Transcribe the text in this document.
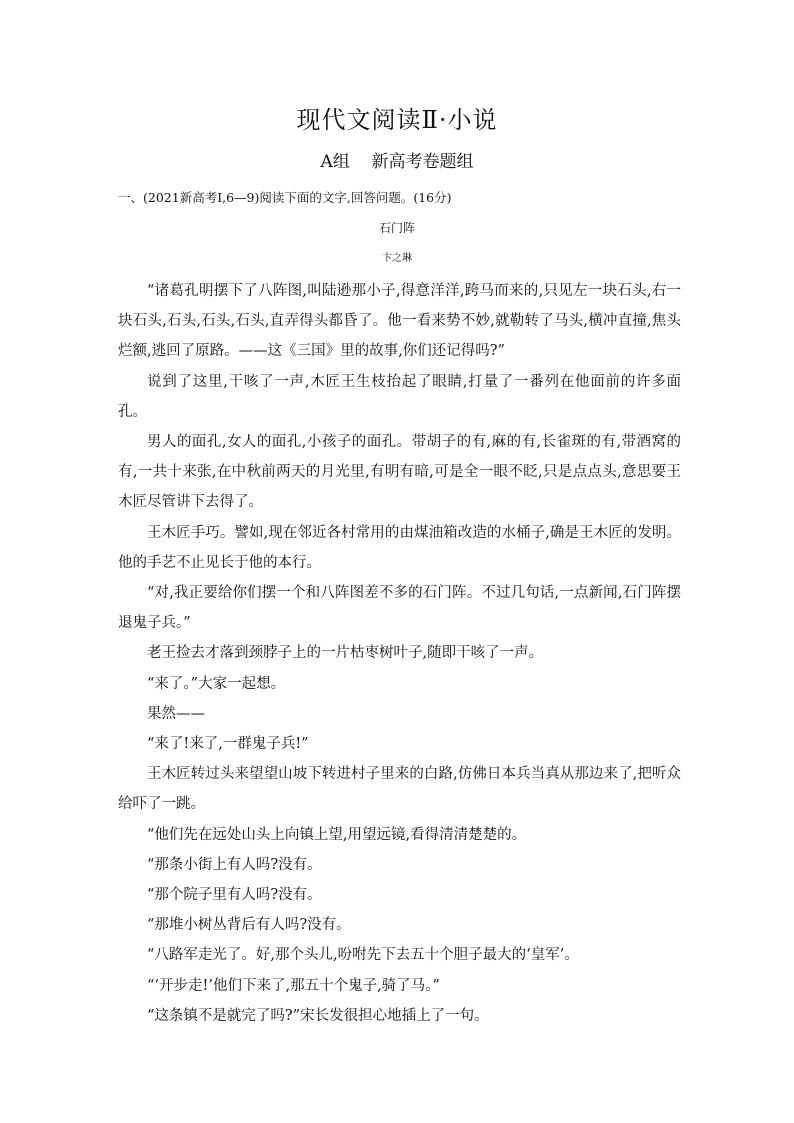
现代文阅读Ⅱ·小说
A组    新高考卷题组
一、(2021新高考Ⅰ,6—9)阅读下面的文字,回答问题。(16分)
石门阵
卞之琳

“诸葛孔明摆下了八阵图,叫陆逊那小子,得意洋洋,跨马而来的,只见左一块石头,右一块石头,石头,石头,石头,直弄得头都昏了。他一看来势不妙,就勒转了马头,横冲直撞,焦头烂额,逃回了原路。——这《三国》里的故事,你们还记得吗?”

说到了这里,干咳了一声,木匠王生枝抬起了眼睛,打量了一番列在他面前的许多面孔。

男人的面孔,女人的面孔,小孩子的面孔。带胡子的有,麻的有,长雀斑的有,带酒窝的有,一共十来张,在中秋前两天的月光里,有明有暗,可是全一眼不眨,只是点点头,意思要王木匠尽管讲下去得了。

王木匠手巧。譬如,现在邻近各村常用的由煤油箱改造的水桶子,确是王木匠的发明。他的手艺不止见长于他的本行。

“对,我正要给你们摆一个和八阵图差不多的石门阵。不过几句话,一点新闻,石门阵摆退鬼子兵。”

老王捡去才落到颈脖子上的一片枯枣树叶子,随即干咳了一声。

“来了。”大家一起想。

果然——

“来了!来了,一群鬼子兵!”

王木匠转过头来望望山坡下转进村子里来的白路,仿佛日本兵当真从那边来了,把听众给吓了一跳。

“他们先在远处山头上向镇上望,用望远镜,看得清清楚楚的。

“那条小街上有人吗?没有。

“那个院子里有人吗?没有。

“那堆小树丛背后有人吗?没有。

“八路军走光了。好,那个头儿,吩咐先下去五十个胆子最大的‘皇军’。

“‘开步走!’他们下来了,那五十个鬼子,骑了马。”

“这条镇不是就完了吗?”宋长发很担心地插上了一句。
